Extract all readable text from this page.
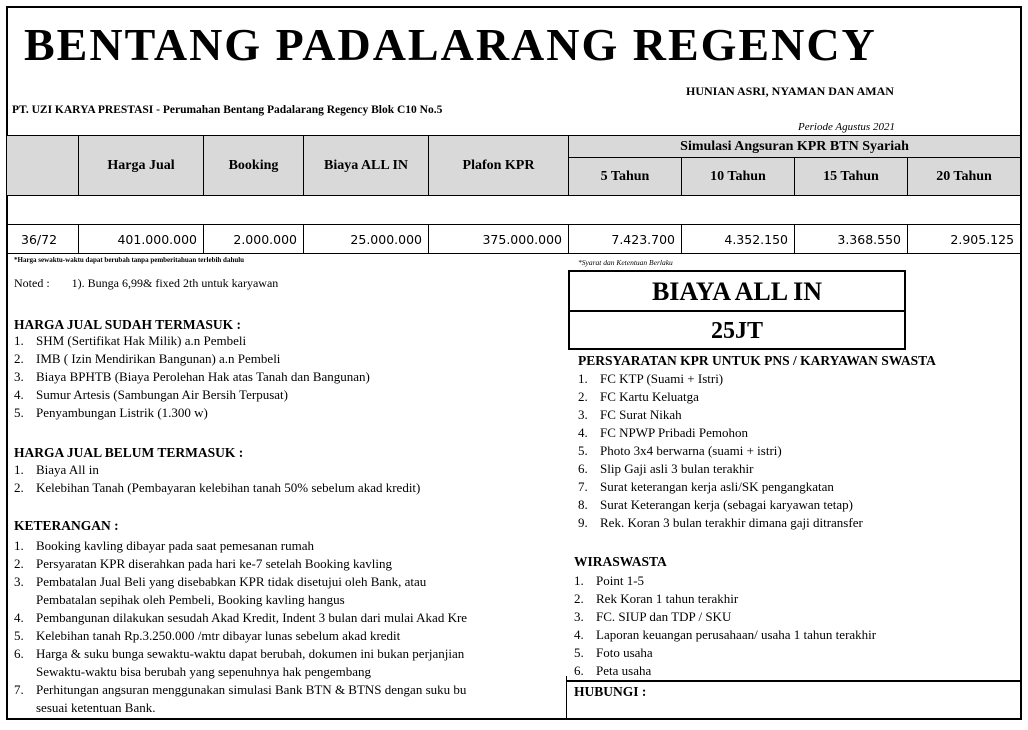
BENTANG PADALARANG REGENCY
HUNIAN ASRI, NYAMAN DAN AMAN
PT. UZI KARYA PRESTASI - Perumahan Bentang Padalarang Regency Blok C10 No.5
Periode Agustus 2021
	Harga Jual	Booking	Biaya ALL IN	Plafon KPR	Simulasi Angsuran KPR BTN Syariah			
					5 Tahun	10 Tahun	15 Tahun	20 Tahun

36/72	401.000.000	2.000.000	25.000.000	375.000.000	7.423.700	4.352.150	3.368.550	2.905.125
*Harga sewaktu-waktu dapat berubah tanpa pemberitahuan terlebih dahulu	*Syarat dan Ketentuan Berlaku
Noted : 1). Bunga 6,99& fixed 2th untuk karyawan
HARGA JUAL SUDAH TERMASUK :
1. SHM (Sertifikat Hak Milik) a.n Pembeli
2. IMB ( Izin Mendirikan Bangunan) a.n Pembeli
3. Biaya BPHTB (Biaya Perolehan Hak atas Tanah dan Bangunan)
4. Sumur Artesis (Sambungan Air Bersih Terpusat)
5. Penyambungan Listrik (1.300 w)
HARGA JUAL BELUM TERMASUK :
1. Biaya All in
2. Kelebihan Tanah (Pembayaran kelebihan tanah 50% sebelum akad kredit)
KETERANGAN :
1. Booking kavling dibayar pada saat pemesanan rumah
2. Persyaratan KPR diserahkan pada hari ke-7 setelah Booking kavling
3. Pembatalan Jual Beli yang disebabkan KPR tidak disetujui oleh Bank, atau
Pembatalan sepihak oleh Pembeli, Booking kavling hangus
4. Pembangunan dilakukan sesudah Akad Kredit, Indent 3 bulan dari mulai Akad Kre
5. Kelebihan tanah Rp.3.250.000 /mtr dibayar lunas sebelum akad kredit
6. Harga & suku bunga sewaktu-waktu dapat berubah, dokumen ini bukan perjanjian
Sewaktu-waktu bisa berubah yang sepenuhnya hak pengembang
7. Perhitungan angsuran menggunakan simulasi Bank BTN & BTNS dengan suku bu
sesuai ketentuan Bank.
BIAYA ALL IN
25JT
PERSYARATAN KPR UNTUK PNS / KARYAWAN SWASTA
1. FC KTP (Suami + Istri)
2. FC Kartu Keluatga
3. FC Surat Nikah
4. FC NPWP Pribadi Pemohon
5. Photo 3x4 berwarna (suami + istri)
6. Slip Gaji asli 3 bulan terakhir
7. Surat keterangan kerja asli/SK pengangkatan
8. Surat Keterangan kerja (sebagai karyawan tetap)
9. Rek. Koran 3 bulan terakhir dimana gaji ditransfer
WIRASWASTA
1. Point 1-5
2. Rek Koran 1 tahun terakhir
3. FC. SIUP dan TDP / SKU
4. Laporan keuangan perusahaan/ usaha 1 tahun terakhir
5. Foto usaha
6. Peta usaha
HUBUNGI :
